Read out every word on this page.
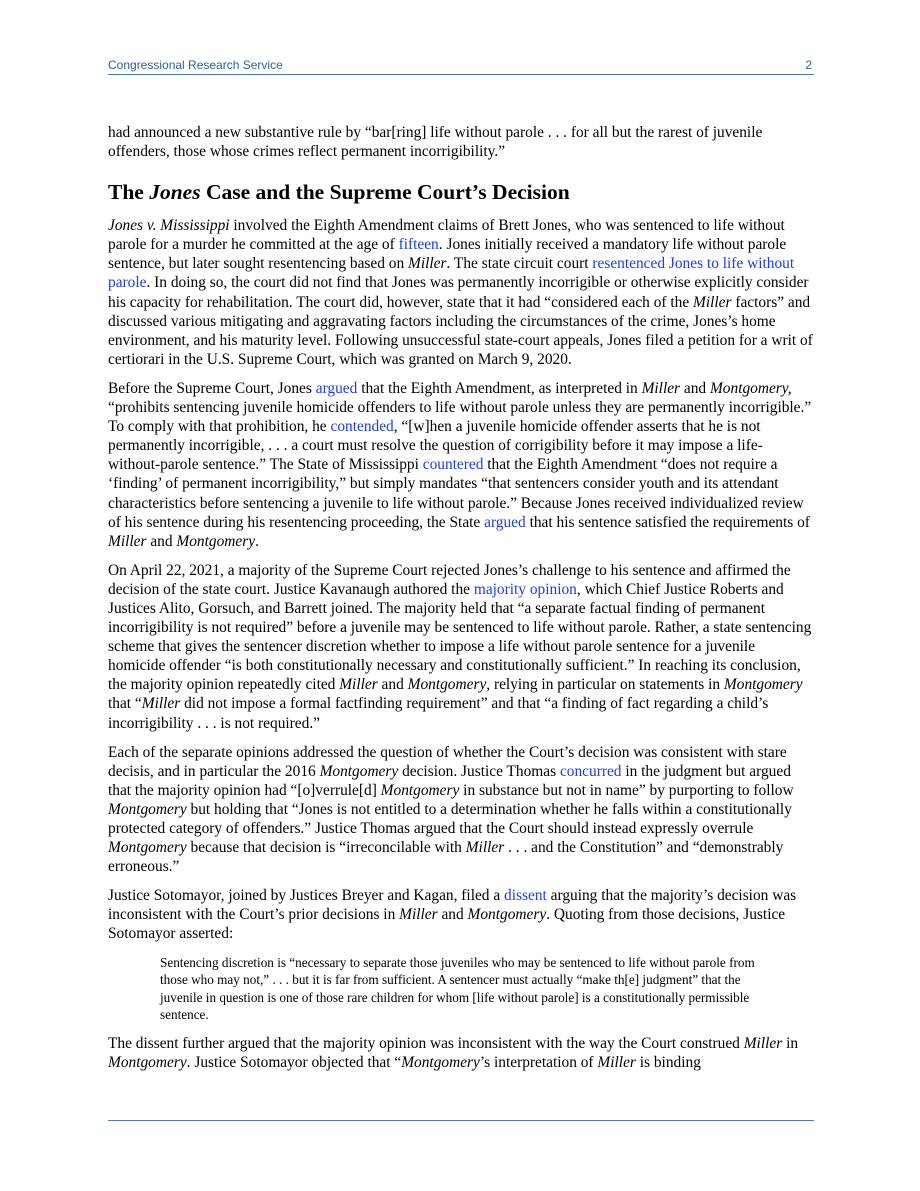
Congressional Research Service	2

had announced a new substantive rule by “bar[ring] life without parole . . . for all but the rarest of juvenile offenders, those whose crimes reflect permanent incorrigibility.”

The Jones Case and the Supreme Court’s Decision

Jones v. Mississippi involved the Eighth Amendment claims of Brett Jones, who was sentenced to life without parole for a murder he committed at the age of fifteen. Jones initially received a mandatory life without parole sentence, but later sought resentencing based on Miller. The state circuit court resentenced Jones to life without parole. In doing so, the court did not find that Jones was permanently incorrigible or otherwise explicitly consider his capacity for rehabilitation. The court did, however, state that it had “considered each of the Miller factors” and discussed various mitigating and aggravating factors including the circumstances of the crime, Jones’s home environment, and his maturity level. Following unsuccessful state-court appeals, Jones filed a petition for a writ of certiorari in the U.S. Supreme Court, which was granted on March 9, 2020.

Before the Supreme Court, Jones argued that the Eighth Amendment, as interpreted in Miller and Montgomery, “prohibits sentencing juvenile homicide offenders to life without parole unless they are permanently incorrigible.” To comply with that prohibition, he contended, “[w]hen a juvenile homicide offender asserts that he is not permanently incorrigible, . . . a court must resolve the question of corrigibility before it may impose a life-without-parole sentence.” The State of Mississippi countered that the Eighth Amendment “does not require a ‘finding’ of permanent incorrigibility,” but simply mandates “that sentencers consider youth and its attendant characteristics before sentencing a juvenile to life without parole.” Because Jones received individualized review of his sentence during his resentencing proceeding, the State argued that his sentence satisfied the requirements of Miller and Montgomery.

On April 22, 2021, a majority of the Supreme Court rejected Jones’s challenge to his sentence and affirmed the decision of the state court. Justice Kavanaugh authored the majority opinion, which Chief Justice Roberts and Justices Alito, Gorsuch, and Barrett joined. The majority held that “a separate factual finding of permanent incorrigibility is not required” before a juvenile may be sentenced to life without parole. Rather, a state sentencing scheme that gives the sentencer discretion whether to impose a life without parole sentence for a juvenile homicide offender “is both constitutionally necessary and constitutionally sufficient.” In reaching its conclusion, the majority opinion repeatedly cited Miller and Montgomery, relying in particular on statements in Montgomery that “Miller did not impose a formal factfinding requirement” and that “a finding of fact regarding a child’s incorrigibility . . . is not required.”

Each of the separate opinions addressed the question of whether the Court’s decision was consistent with stare decisis, and in particular the 2016 Montgomery decision. Justice Thomas concurred in the judgment but argued that the majority opinion had “[o]verrule[d] Montgomery in substance but not in name” by purporting to follow Montgomery but holding that “Jones is not entitled to a determination whether he falls within a constitutionally protected category of offenders.” Justice Thomas argued that the Court should instead expressly overrule Montgomery because that decision is “irreconcilable with Miller . . . and the Constitution” and “demonstrably erroneous.”

Justice Sotomayor, joined by Justices Breyer and Kagan, filed a dissent arguing that the majority’s decision was inconsistent with the Court’s prior decisions in Miller and Montgomery. Quoting from those decisions, Justice Sotomayor asserted:

Sentencing discretion is “necessary to separate those juveniles who may be sentenced to life without parole from those who may not,” . . . but it is far from sufficient. A sentencer must actually “make th[e] judgment” that the juvenile in question is one of those rare children for whom [life without parole] is a constitutionally permissible sentence.

The dissent further argued that the majority opinion was inconsistent with the way the Court construed Miller in Montgomery. Justice Sotomayor objected that “Montgomery’s interpretation of Miller is binding
